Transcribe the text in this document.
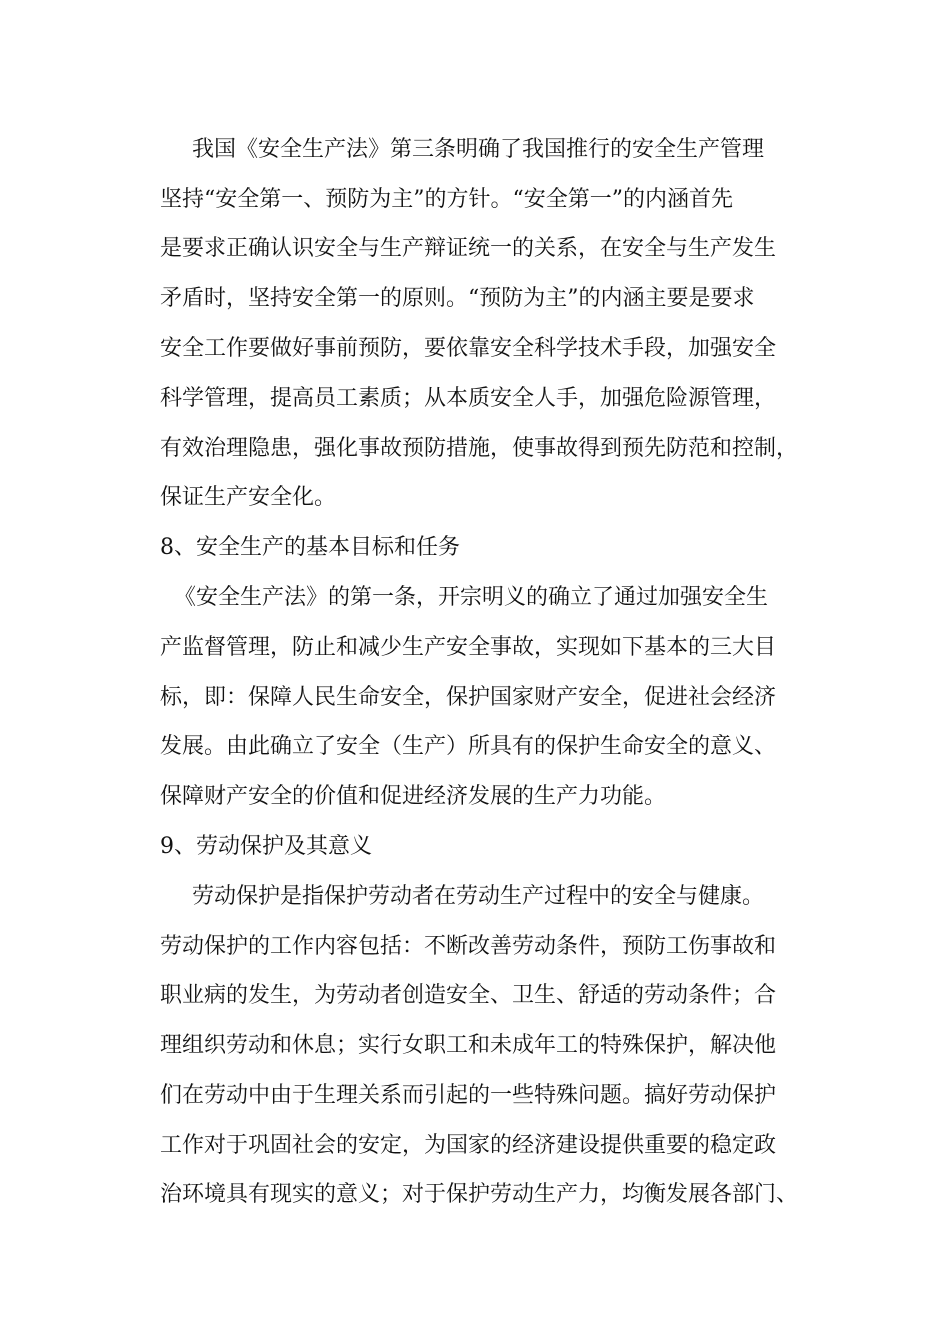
我国《安全生产法》第三条明确了我国推行的安全生产管理

坚持“安全第一、预防为主”的方针。“安全第一”的内涵首先

是要求正确认识安全与生产辩证统一的关系，在安全与生产发生

矛盾时，坚持安全第一的原则。“预防为主”的内涵主要是要求

安全工作要做好事前预防，要依靠安全科学技术手段，加强安全

科学管理，提高员工素质；从本质安全人手，加强危险源管理，

有效治理隐患，强化事故预防措施，使事故得到预先防范和控制，

保证生产安全化。

8、安全生产的基本目标和任务

《安全生产法》的第一条，开宗明义的确立了通过加强安全生

产监督管理，防止和减少生产安全事故，实现如下基本的三大目

标，即：保障人民生命安全，保护国家财产安全，促进社会经济

发展。由此确立了安全（生产）所具有的保护生命安全的意义、

保障财产安全的价值和促进经济发展的生产力功能。

9、劳动保护及其意义

劳动保护是指保护劳动者在劳动生产过程中的安全与健康。

劳动保护的工作内容包括：不断改善劳动条件，预防工伤事故和

职业病的发生，为劳动者创造安全、卫生、舒适的劳动条件；合

理组织劳动和休息；实行女职工和未成年工的特殊保护，解决他

们在劳动中由于生理关系而引起的一些特殊问题。搞好劳动保护

工作对于巩固社会的安定，为国家的经济建设提供重要的稳定政

治环境具有现实的意义；对于保护劳动生产力，均衡发展各部门、
